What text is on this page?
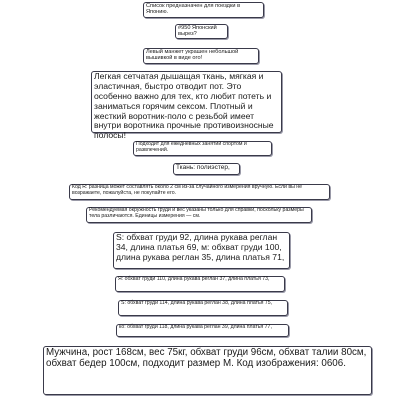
Список предназначен для поездки в Японию.
#950 Японский вырез?
Левый манжет украшен небольшой вышивкой в виде ого!
Легкая сетчатая дышащая ткань, мягкая и эластичная, быстро отводит пот. Это особенно важно для тех, кто любит потеть и заниматься горячим сексом. Плотный и жесткий воротник-поло с резьбой имеет внутри воротника прочные противоизносные полосы!
Подходит для ежедневных занятий спортом и развлечений.
Ткань: полиэстер,
Код R: разница может составлять около 2 см из-за случайного измерения вручную. Если вы не возражаете, пожалуйста, не покупайте его.
Рекомендуемая окружность груди и вес указаны только для справки, поскольку размеры тела различаются. Единицы измерения — см.
S: обхват груди 92, длина рукава реглан 34, длина платья 69, м: обхват груди 100, длина рукава реглан 35, длина платья 71,
Я: обхват груди 110, длина рукава реглан 37, длина платья 73,
S: обхват груди 114, длина рукава реглан 38, длина платья 75,
ко: обхват груди 118, длина рукава реглан 39, длина платья 77,
Мужчина, рост 168см, вес 75кг, обхват груди 96см, обхват талии 80см, обхват бедер 100см, подходит размер M. Код изображения: 0606.
